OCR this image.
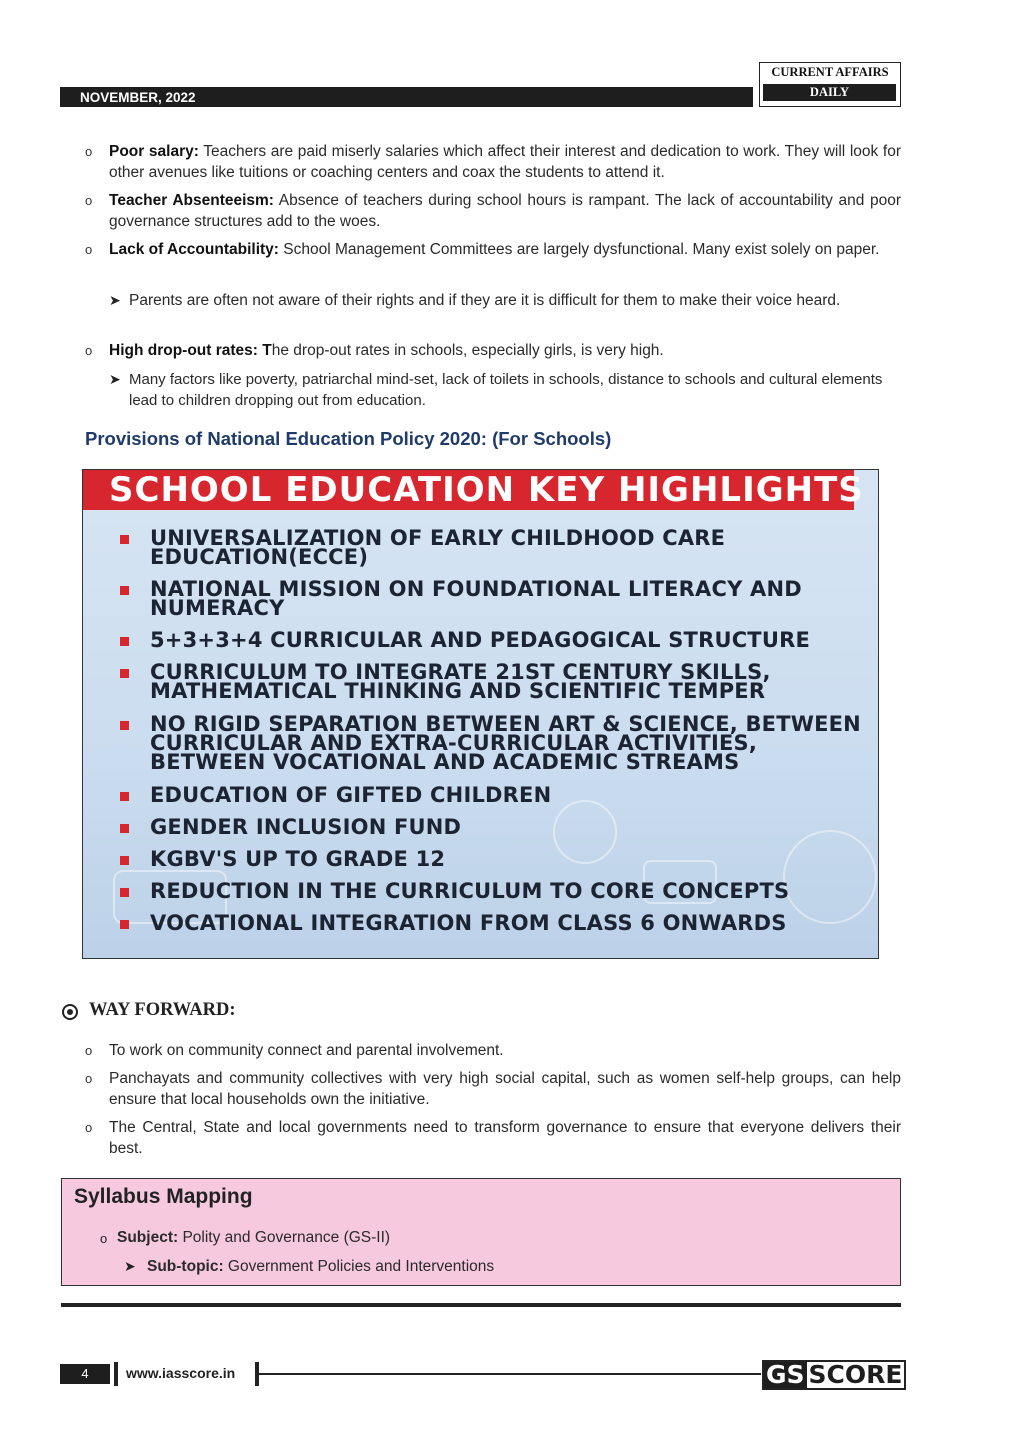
NOVEMBER, 2022
CURRENT AFFAIRS
DAILY
o Poor salary: Teachers are paid miserly salaries which affect their interest and dedication to work. They will look for other avenues like tuitions or coaching centers and coax the students to attend it.
o Teacher Absenteeism: Absence of teachers during school hours is rampant. The lack of accountability and poor governance structures add to the woes.
o Lack of Accountability: School Management Committees are largely dysfunctional. Many exist solely on paper.
➤ Parents are often not aware of their rights and if they are it is difficult for them to make their voice heard.
o High drop-out rates: The drop-out rates in schools, especially girls, is very high.
➤ Many factors like poverty, patriarchal mind-set, lack of toilets in schools, distance to schools and cultural elements lead to children dropping out from education.
Provisions of National Education Policy 2020: (For Schools)
SCHOOL EDUCATION KEY HIGHLIGHTS
UNIVERSALIZATION OF EARLY CHILDHOOD CARE EDUCATION(ECCE)
NATIONAL MISSION ON FOUNDATIONAL LITERACY AND NUMERACY
5+3+3+4 CURRICULAR AND PEDAGOGICAL STRUCTURE
CURRICULUM TO INTEGRATE 21ST CENTURY SKILLS, MATHEMATICAL THINKING AND SCIENTIFIC TEMPER
NO RIGID SEPARATION BETWEEN ART & SCIENCE, BETWEEN CURRICULAR AND EXTRA-CURRICULAR ACTIVITIES, BETWEEN VOCATIONAL AND ACADEMIC STREAMS
EDUCATION OF GIFTED CHILDREN
GENDER INCLUSION FUND
KGBV'S UP TO GRADE 12
REDUCTION IN THE CURRICULUM TO CORE CONCEPTS
VOCATIONAL INTEGRATION FROM CLASS 6 ONWARDS
WAY FORWARD:
o To work on community connect and parental involvement.
o Panchayats and community collectives with very high social capital, such as women self-help groups, can help ensure that local households own the initiative.
o The Central, State and local governments need to transform governance to ensure that everyone delivers their best.
Syllabus Mapping
o Subject: Polity and Governance (GS-II)
➤ Sub-topic: Government Policies and Interventions
4	www.iasscore.in	GS SCORE
